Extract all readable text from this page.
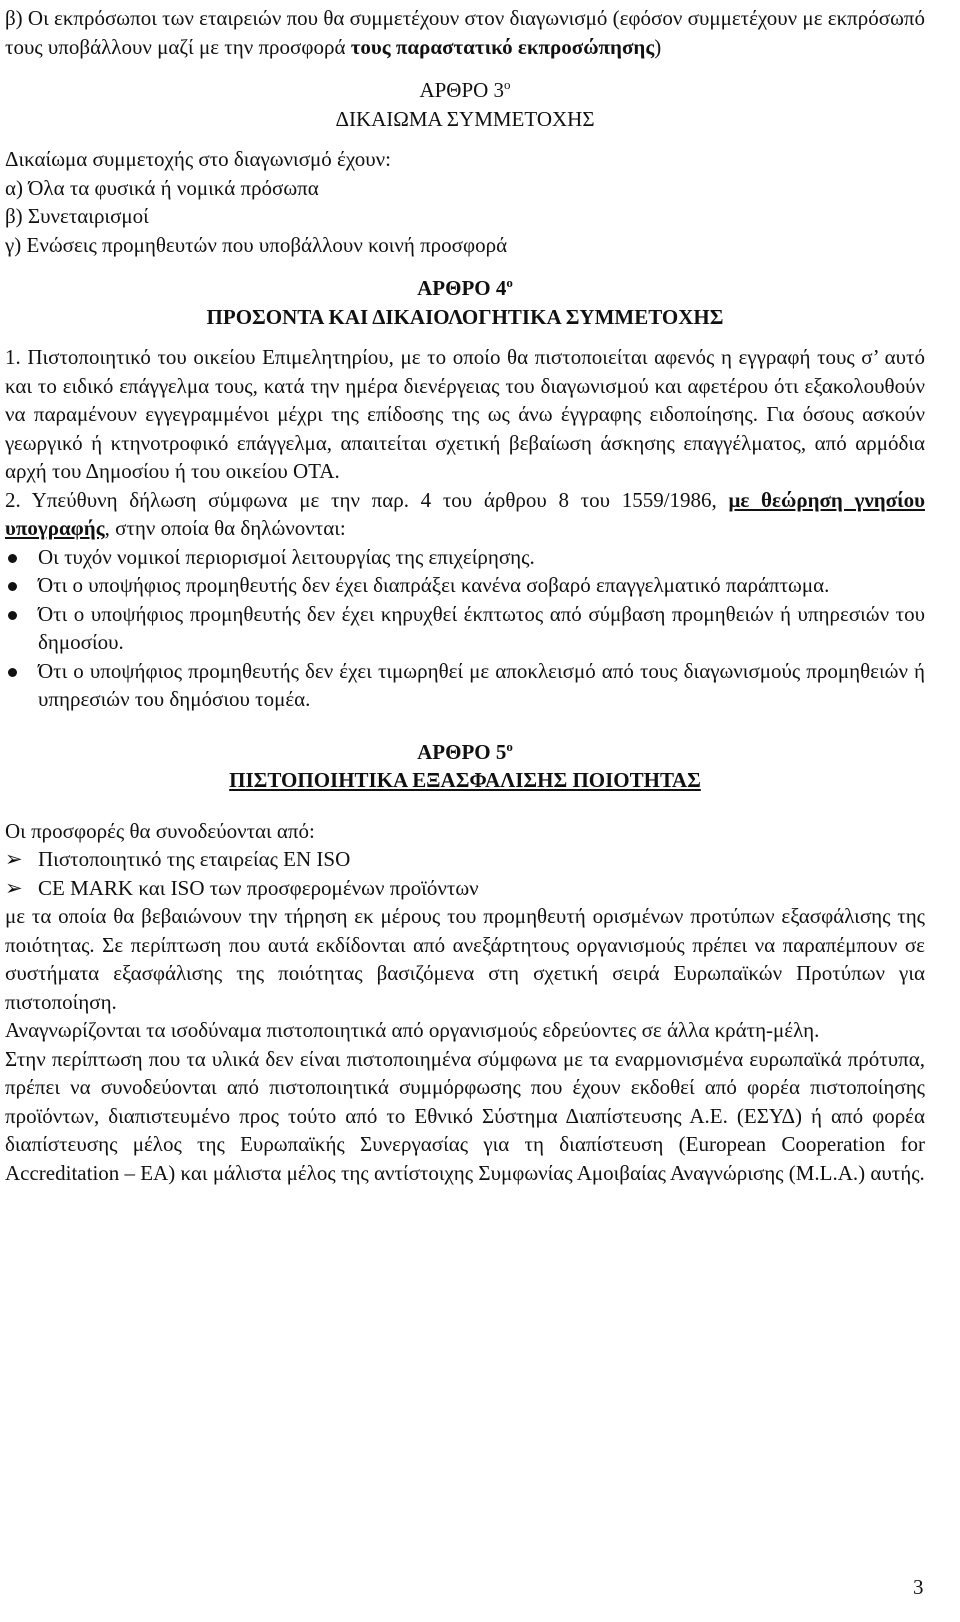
β) Οι εκπρόσωποι των εταιρειών που θα συμμετέχουν στον διαγωνισμό (εφόσον συμμετέχουν με εκπρόσωπό τους υποβάλλουν μαζί με την προσφορά τους παραστατικό εκπροσώπησης)

ΑΡΘΡΟ $3^o$

ΔΙΚΑΙΩΜΑ ΣΥΜΜΕΤΟΧΗΣ

Δικαίωμα συμμετοχής στο διαγωνισμό έχουν:

α) Όλα τα φυσικά ή νομικά πρόσωπα

β) Συνεταιρισμοί

γ) Ενώσεις προμηθευτών που υποβάλλουν κοινή προσφορά

ΑΡΘΡΟ $4^o$

ΠΡΟΣΟΝΤΑ ΚΑΙ ΔΙΚΑΙΟΛΟΓΗΤΙΚΑ ΣΥΜΜΕΤΟΧΗΣ

1. Πιστοποιητικό του οικείου Επιμελητηρίου, με το οποίο θα πιστοποιείται αφενός η εγγραφή τους σ’ αυτό και το ειδικό επάγγελμα τους, κατά την ημέρα διενέργειας του διαγωνισμού και αφετέρου ότι εξακολουθούν να παραμένουν εγγεγραμμένοι μέχρι της επίδοσης της ως άνω έγγραφης ειδοποίησης. Για όσους ασκούν γεωργικό ή κτηνοτροφικό επάγγελμα, απαιτείται σχετική βεβαίωση άσκησης επαγγέλματος, από αρμόδια αρχή του Δημοσίου ή του οικείου ΟΤΑ.

2. Υπεύθυνη δήλωση σύμφωνα με την παρ. 4 του άρθρου 8 του 1559/1986, με θεώρηση γνησίου υπογραφής, στην οποία θα δηλώνονται:

Οι τυχόν νομικοί περιορισμοί λειτουργίας της επιχείρησης.
Ότι ο υποψήφιος προμηθευτής δεν έχει διαπράξει κανένα σοβαρό επαγγελματικό παράπτωμα.
Ότι ο υποψήφιος προμηθευτής δεν έχει κηρυχθεί έκπτωτος από σύμβαση προμηθειών ή υπηρεσιών του δημοσίου.
Ότι ο υποψήφιος προμηθευτής δεν έχει τιμωρηθεί με αποκλεισμό από τους διαγωνισμούς προμηθειών ή υπηρεσιών του δημόσιου τομέα.

ΑΡΘΡΟ $5^o$

ΠΙΣΤΟΠΟΙΗΤΙΚΑ ΕΞΑΣΦΑΛΙΣΗΣ ΠΟΙΟΤΗΤΑΣ

Οι προσφορές θα συνοδεύονται από:

➢ Πιστοποιητικό της εταιρείας EN ISO
➢ CE MARK και ISO των προσφερομένων προϊόντων

με τα οποία θα βεβαιώνουν την τήρηση εκ μέρους του προμηθευτή ορισμένων προτύπων εξασφάλισης της ποιότητας. Σε περίπτωση που αυτά εκδίδονται από ανεξάρτητους οργανισμούς πρέπει να παραπέμπουν σε συστήματα εξασφάλισης της ποιότητας βασιζόμενα στη σχετική σειρά Ευρωπαϊκών Προτύπων για πιστοποίηση.

Αναγνωρίζονται τα ισοδύναμα πιστοποιητικά από οργανισμούς εδρεύοντες σε άλλα κράτη-μέλη.

Στην περίπτωση που τα υλικά δεν είναι πιστοποιημένα σύμφωνα με τα εναρμονισμένα ευρωπαϊκά πρότυπα, πρέπει να συνοδεύονται από πιστοποιητικά συμμόρφωσης που έχουν εκδοθεί από φορέα πιστοποίησης προϊόντων, διαπιστευμένο προς τούτο από το Εθνικό Σύστημα Διαπίστευσης Α.Ε. (ΕΣΥΔ) ή από φορέα διαπίστευσης μέλος της Ευρωπαϊκής Συνεργασίας για τη διαπίστευση (European Cooperation for Accreditation – EA) και μάλιστα μέλος της αντίστοιχης Συμφωνίας Αμοιβαίας Αναγνώρισης (M.L.A.) αυτής.

3
